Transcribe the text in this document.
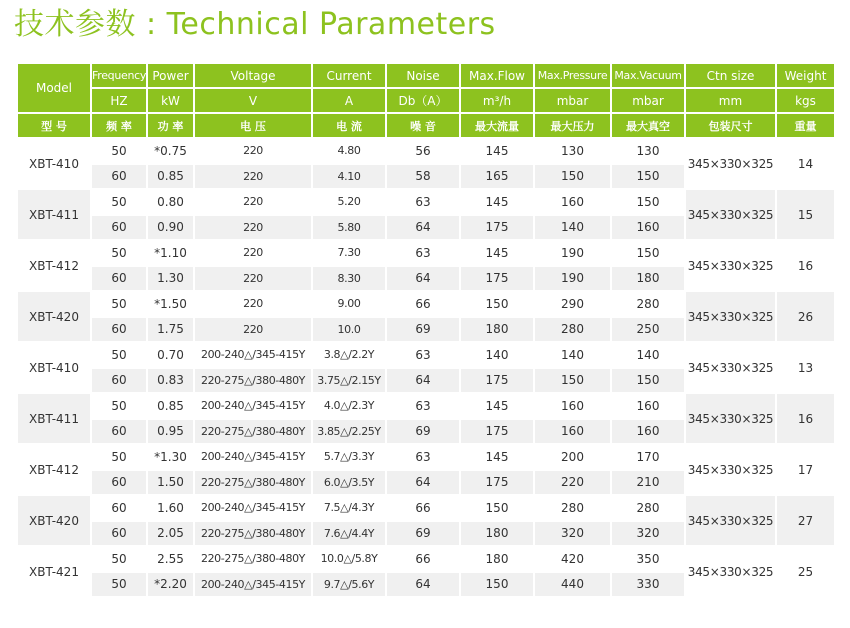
技术参数 : Technical Parameters
Model	Frequency	Power	Voltage	Current	Noise	Max.Flow	Max.Pressure	Max.Vacuum	Ctn size	Weight
	HZ	kW	V	A	Db（A）	m³/h	mbar	mbar	mm	kgs
型 号	频 率	功 率	电 压	电 流	噪 音	最大流量	最大压力	最大真空	包装尺寸	重量
XBT-410	50	*0.75	220	4.80	56	145	130	130	345×330×325	14
	60	0.85	220	4.10	58	165	150	150		
XBT-411	50	0.80	220	5.20	63	145	160	150	345×330×325	15
	60	0.90	220	5.80	64	175	140	160		
XBT-412	50	*1.10	220	7.30	63	145	190	150	345×330×325	16
	60	1.30	220	8.30	64	175	190	180		
XBT-420	50	*1.50	220	9.00	66	150	290	280	345×330×325	26
	60	1.75	220	10.0	69	180	280	250		
XBT-410	50	0.70	200-240△/345-415Y	3.8△/2.2Y	63	140	140	140	345×330×325	13
	60	0.83	220-275△/380-480Y	3.75△/2.15Y	64	175	150	150		
XBT-411	50	0.85	200-240△/345-415Y	4.0△/2.3Y	63	145	160	160	345×330×325	16
	60	0.95	220-275△/380-480Y	3.85△/2.25Y	69	175	160	160		
XBT-412	50	*1.30	200-240△/345-415Y	5.7△/3.3Y	63	145	200	170	345×330×325	17
	60	1.50	220-275△/380-480Y	6.0△/3.5Y	64	175	220	210		
XBT-420	60	1.60	200-240△/345-415Y	7.5△/4.3Y	66	150	280	280	345×330×325	27
	60	2.05	220-275△/380-480Y	7.6△/4.4Y	69	180	320	320		
XBT-421	50	2.55	220-275△/380-480Y	10.0△/5.8Y	66	180	420	350	345×330×325	25
	50	*2.20	200-240△/345-415Y	9.7△/5.6Y	64	150	440	330		
